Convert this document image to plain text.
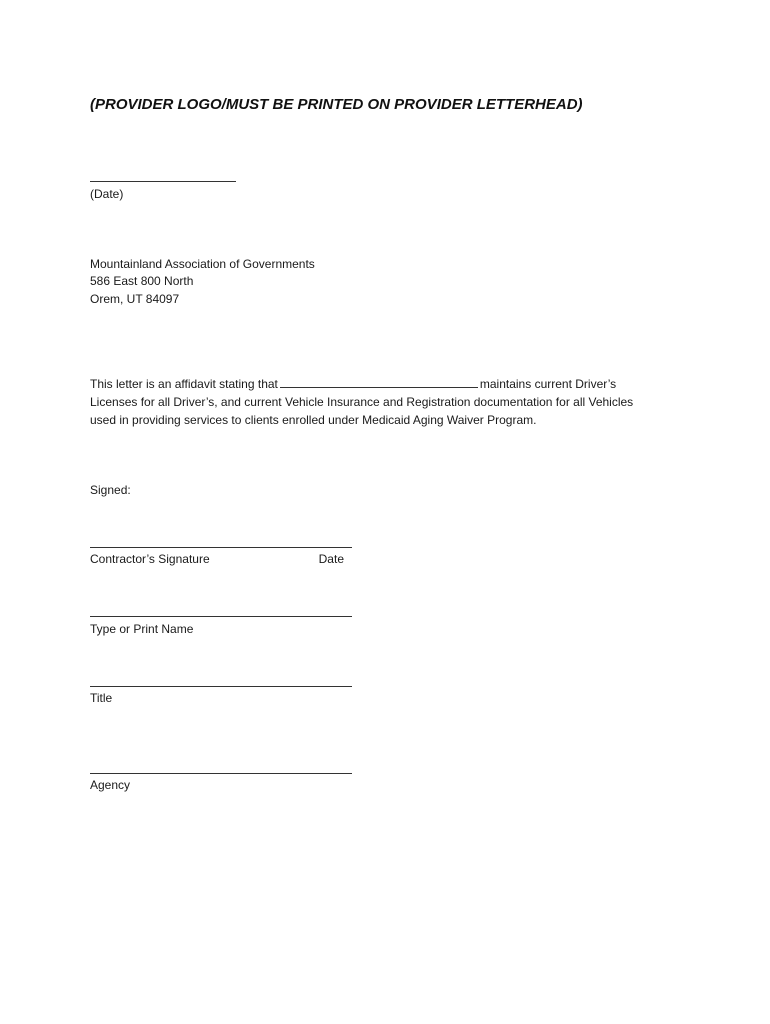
(PROVIDER LOGO/MUST BE PRINTED ON PROVIDER LETTERHEAD)
(Date)
Mountainland Association of Governments
586 East 800 North
Orem, UT 84097
This letter is an affidavit stating that	maintains current Driver’s
Licenses for all Driver’s, and current Vehicle Insurance and Registration documentation for all Vehicles
used in providing services to clients enrolled under Medicaid Aging Waiver Program.
Signed:
Contractor’s Signature	Date
Type or Print Name
Title
Agency
